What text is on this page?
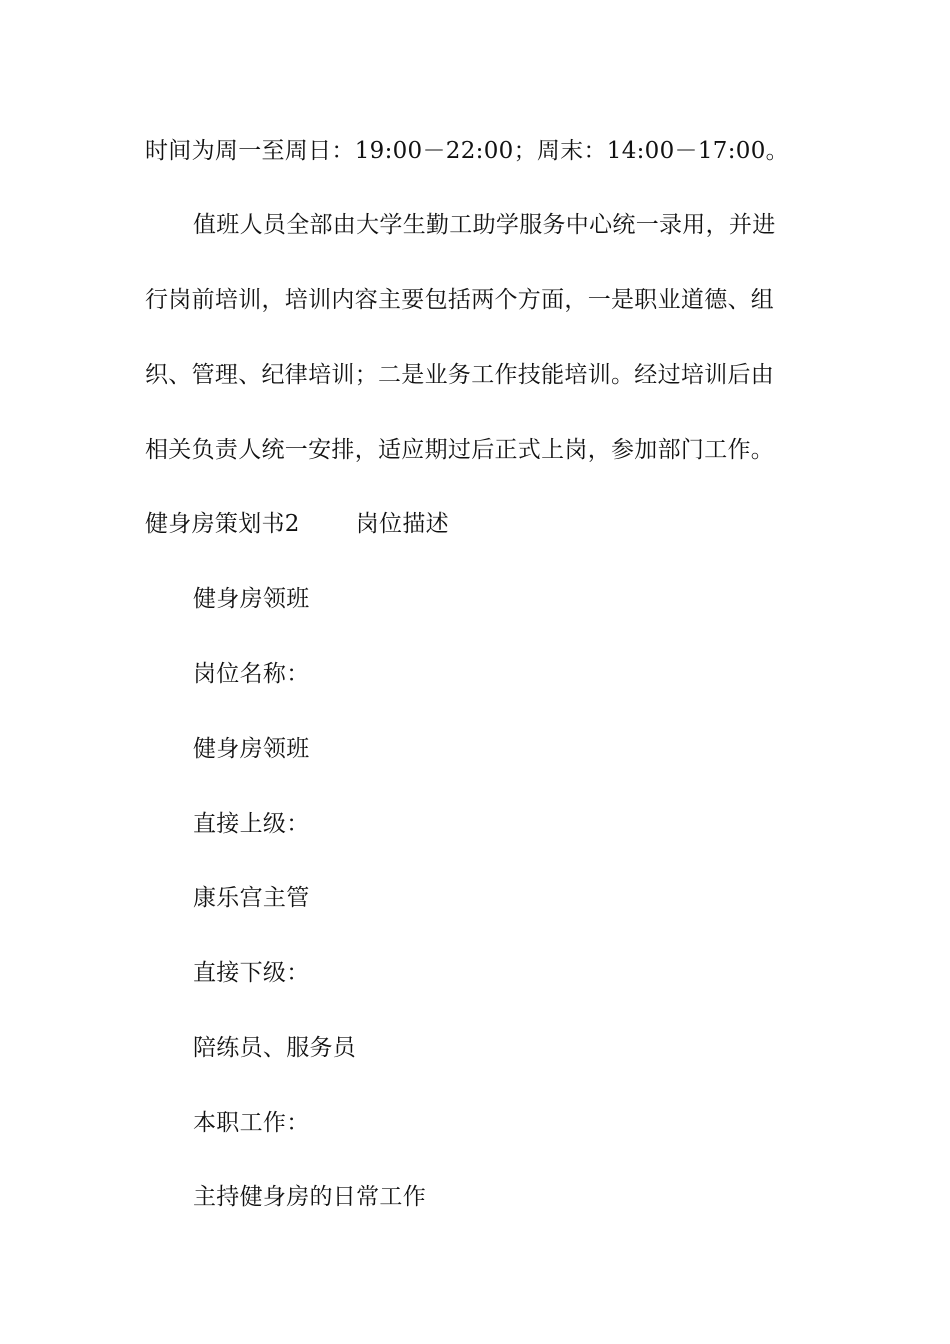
时间为周一至周日：19:00－22:00；周末：14:00－17:00。
值班人员全部由大学生勤工助学服务中心统一录用，并进
行岗前培训，培训内容主要包括两个方面，一是职业道德、组
织、管理、纪律培训；二是业务工作技能培训。经过培训后由
相关负责人统一安排，适应期过后正式上岗，参加部门工作。
健身房策划书2 岗位描述
健身房领班
岗位名称：
健身房领班
直接上级：
康乐宫主管
直接下级：
陪练员、服务员
本职工作：
主持健身房的日常工作
